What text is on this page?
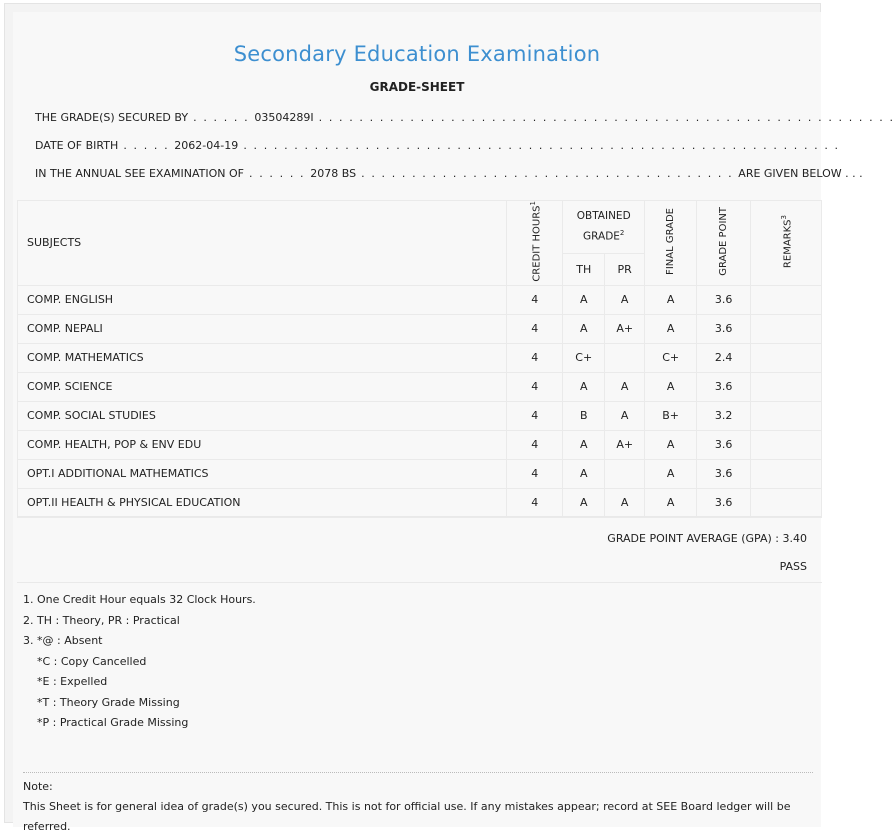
Secondary Education Examination
GRADE-SHEET
THE GRADE(S) SECURED BY . . . . . . 03504289I . . . . . . . . . . . . . . . . . . . . . . . . . . . . . . . . . . . . . . . . . . . . . . . . . . . . . . . . .
DATE OF BIRTH . . . . . 2062-04-19 . . . . . . . . . . . . . . . . . . . . . . . . . . . . . . . . . . . . . . . . . . . . . . . . . . . . . . . . . . .
IN THE ANNUAL SEE EXAMINATION OF . . . . . . 2078 BS . . . . . . . . . . . . . . . . . . . . . . . . . . . . . . . . . . . . . ARE GIVEN BELOW . . .
SUBJECTS	CREDIT HOURS$^1$	OBTAINED GRADE$^2$		FINAL GRADE	GRADE POINT	REMARKS$^3$
		TH	PR			
COMP. ENGLISH	4	A	A	A	3.6	
COMP. NEPALI	4	A	A+	A	3.6	
COMP. MATHEMATICS	4	C+		C+	2.4	
COMP. SCIENCE	4	A	A	A	3.6	
COMP. SOCIAL STUDIES	4	B	A	B+	3.2	
COMP. HEALTH, POP & ENV EDU	4	A	A+	A	3.6	
OPT.I ADDITIONAL MATHEMATICS	4	A		A	3.6	
OPT.II HEALTH & PHYSICAL EDUCATION	4	A	A	A	3.6	
GRADE POINT AVERAGE (GPA) : 3.40
PASS
1. One Credit Hour equals 32 Clock Hours.
2. TH : Theory, PR : Practical
3. *@ : Absent
*C : Copy Cancelled
*E : Expelled
*T : Theory Grade Missing
*P : Practical Grade Missing
Note:
This Sheet is for general idea of grade(s) you secured. This is not for official use. If any mistakes appear; record at SEE Board ledger will be referred.
